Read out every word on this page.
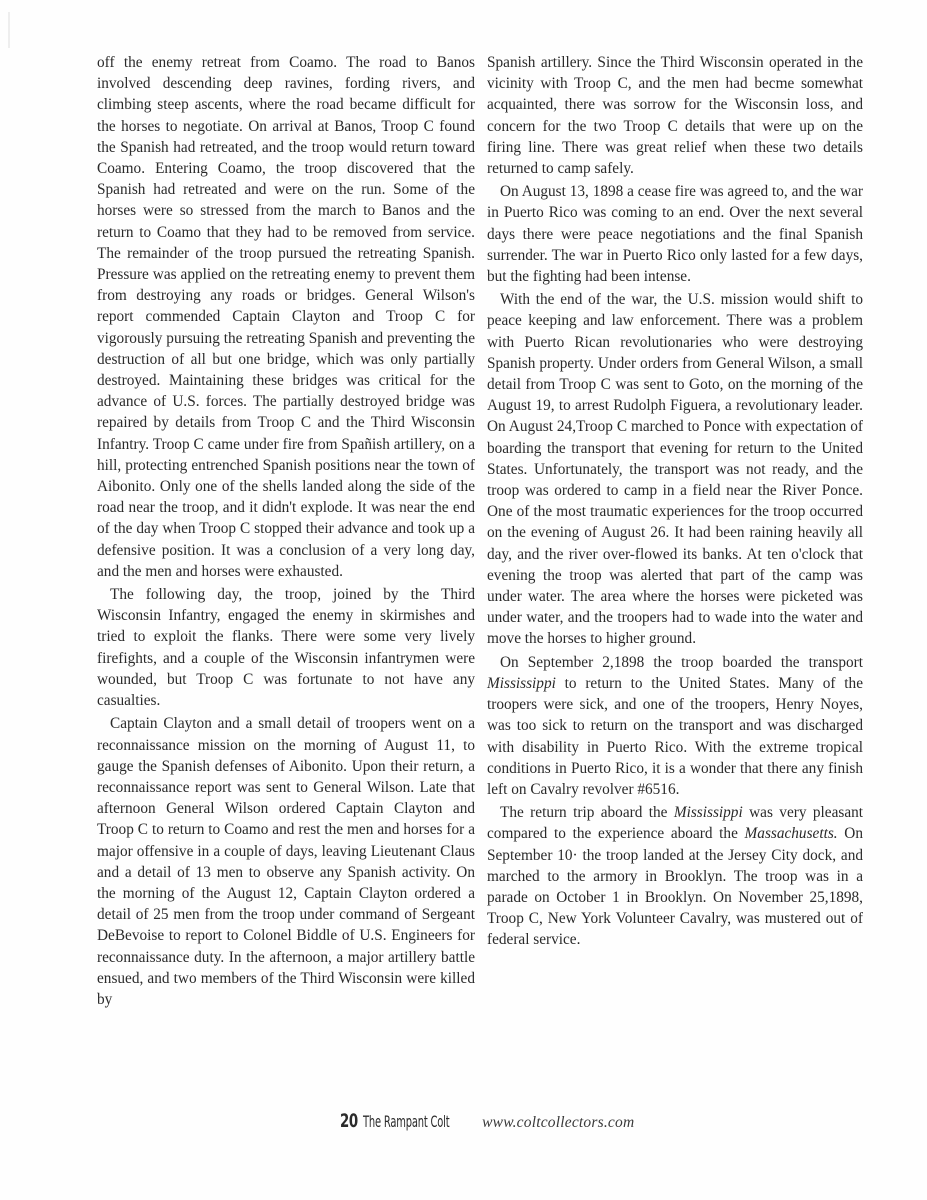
off the enemy retreat from Coamo. The road to Banos involved descending deep ravines, fording rivers, and climbing steep ascents, where the road became difficult for the horses to negotiate. On arrival at Banos, Troop C found the Spanish had retreated, and the troop would return toward Coamo. Entering Coamo, the troop discovered that the Spanish had retreated and were on the run. Some of the horses were so stressed from the march to Banos and the return to Coamo that they had to be removed from service. The remainder of the troop pursued the retreating Spanish. Pressure was applied on the retreating enemy to prevent them from destroying any roads or bridges. General Wilson's report commended Captain Clayton and Troop C for vigorously pursuing the retreating Spanish and preventing the destruction of all but one bridge, which was only partially destroyed. Maintaining these bridges was critical for the advance of U.S. forces. The partially destroyed bridge was repaired by details from Troop C and the Third Wisconsin Infantry. Troop C came under fire from Spañish artillery, on a hill, protecting entrenched Spanish positions near the town of Aibonito. Only one of the shells landed along the side of the road near the troop, and it didn't explode. It was near the end of the day when Troop C stopped their advance and took up a defensive position. It was a conclusion of a very long day, and the men and horses were exhausted.

The following day, the troop, joined by the Third Wisconsin Infantry, engaged the enemy in skirmishes and tried to exploit the flanks. There were some very lively firefights, and a couple of the Wisconsin infantrymen were wounded, but Troop C was fortunate to not have any casualties.

Captain Clayton and a small detail of troopers went on a reconnaissance mission on the morning of August 11, to gauge the Spanish defenses of Aibonito. Upon their return, a reconnaissance report was sent to General Wilson. Late that afternoon General Wilson ordered Captain Clayton and Troop C to return to Coamo and rest the men and horses for a major offensive in a couple of days, leaving Lieutenant Claus and a detail of 13 men to observe any Spanish activity. On the morning of the August 12, Captain Clayton ordered a detail of 25 men from the troop under command of Sergeant DeBevoise to report to Colonel Biddle of U.S. Engineers for reconnaissance duty. In the afternoon, a major artillery battle ensued, and two members of the Third Wisconsin were killed by

Spanish artillery. Since the Third Wisconsin operated in the vicinity with Troop C, and the men had becme somewhat acquainted, there was sorrow for the Wisconsin loss, and concern for the two Troop C details that were up on the firing line. There was great relief when these two details returned to camp safely.

On August 13, 1898 a cease fire was agreed to, and the war in Puerto Rico was coming to an end. Over the next several days there were peace negotiations and the final Spanish surrender. The war in Puerto Rico only lasted for a few days, but the fighting had been intense.

With the end of the war, the U.S. mission would shift to peace keeping and law enforcement. There was a problem with Puerto Rican revolutionaries who were destroying Spanish property. Under orders from General Wilson, a small detail from Troop C was sent to Goto, on the morning of the August 19, to arrest Rudolph Figuera, a revolutionary leader. On August 24,Troop C marched to Ponce with expectation of boarding the transport that evening for return to the United States. Unfortunately, the transport was not ready, and the troop was ordered to camp in a field near the River Ponce. One of the most traumatic experiences for the troop occurred on the evening of August 26. It had been raining heavily all day, and the river over-flowed its banks. At ten o'clock that evening the troop was alerted that part of the camp was under water. The area where the horses were picketed was under water, and the troopers had to wade into the water and move the horses to higher ground.

On September 2,1898 the troop boarded the transport Mississippi to return to the United States. Many of the troopers were sick, and one of the troopers, Henry Noyes, was too sick to return on the transport and was discharged with disability in Puerto Rico. With the extreme tropical conditions in Puerto Rico, it is a wonder that there any finish left on Cavalry revolver #6516.

The return trip aboard the Mississippi was very pleasant compared to the experience aboard the Massachusetts. On September 10· the troop landed at the Jersey City dock, and marched to the armory in Brooklyn. The troop was in a parade on October 1 in Brooklyn. On November 25,1898, Troop C, New York Volunteer Cavalry, was mustered out of federal service.

20 The Rampant Colt www.coltcollectors.com
